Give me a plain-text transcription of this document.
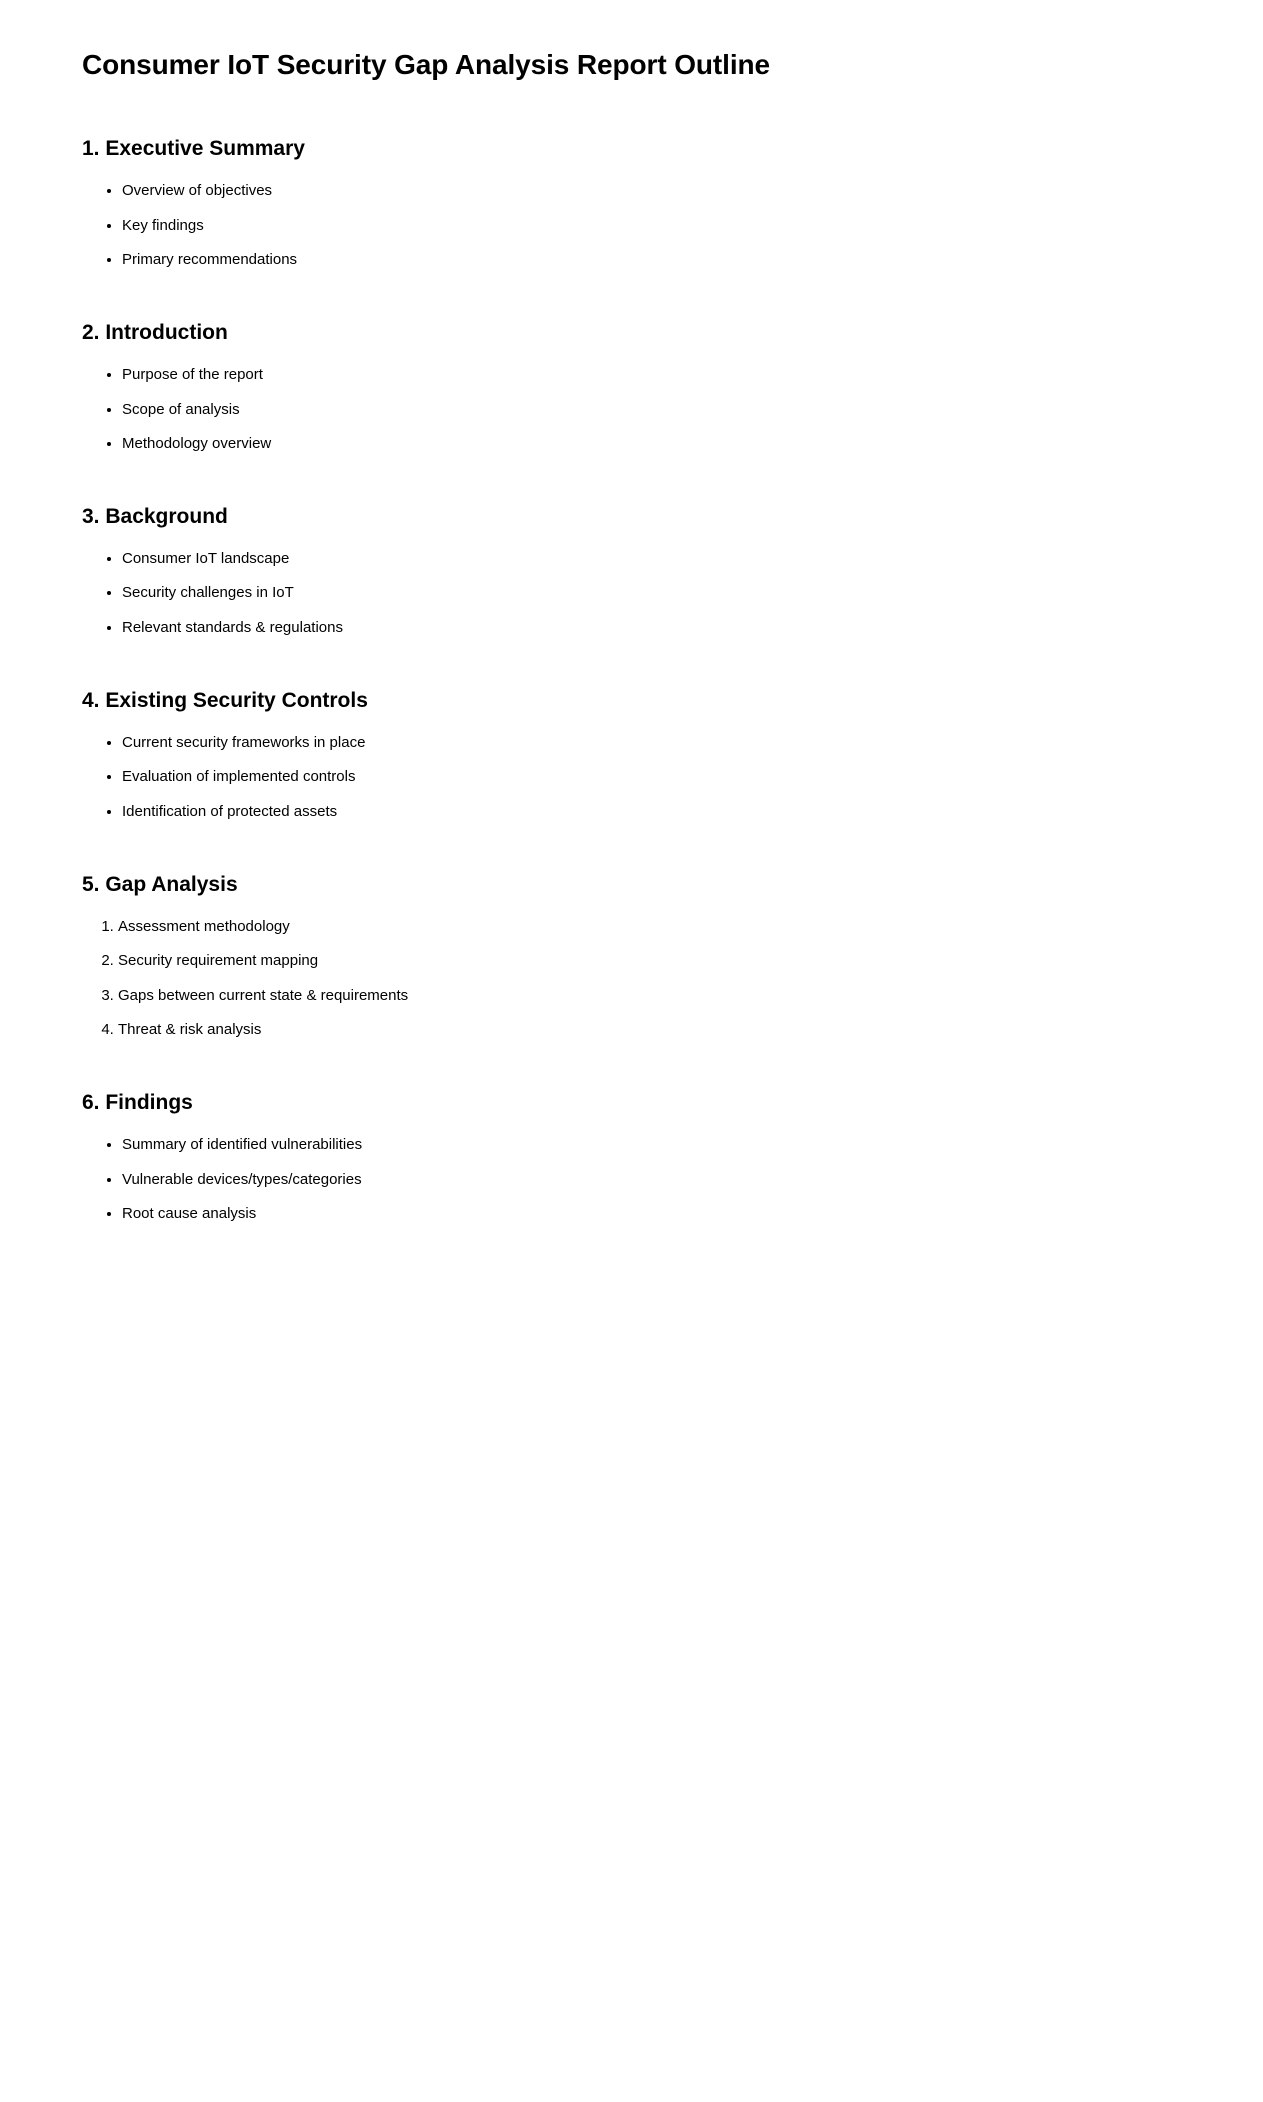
Consumer IoT Security Gap Analysis Report Outline
1. Executive Summary
• Overview of objectives
• Key findings
• Primary recommendations
2. Introduction
• Purpose of the report
• Scope of analysis
• Methodology overview
3. Background
• Consumer IoT landscape
• Security challenges in IoT
• Relevant standards & regulations
4. Existing Security Controls
• Current security frameworks in place
• Evaluation of implemented controls
• Identification of protected assets
5. Gap Analysis
1. Assessment methodology
2. Security requirement mapping
3. Gaps between current state & requirements
4. Threat & risk analysis
6. Findings
• Summary of identified vulnerabilities
• Vulnerable devices/types/categories
• Root cause analysis
